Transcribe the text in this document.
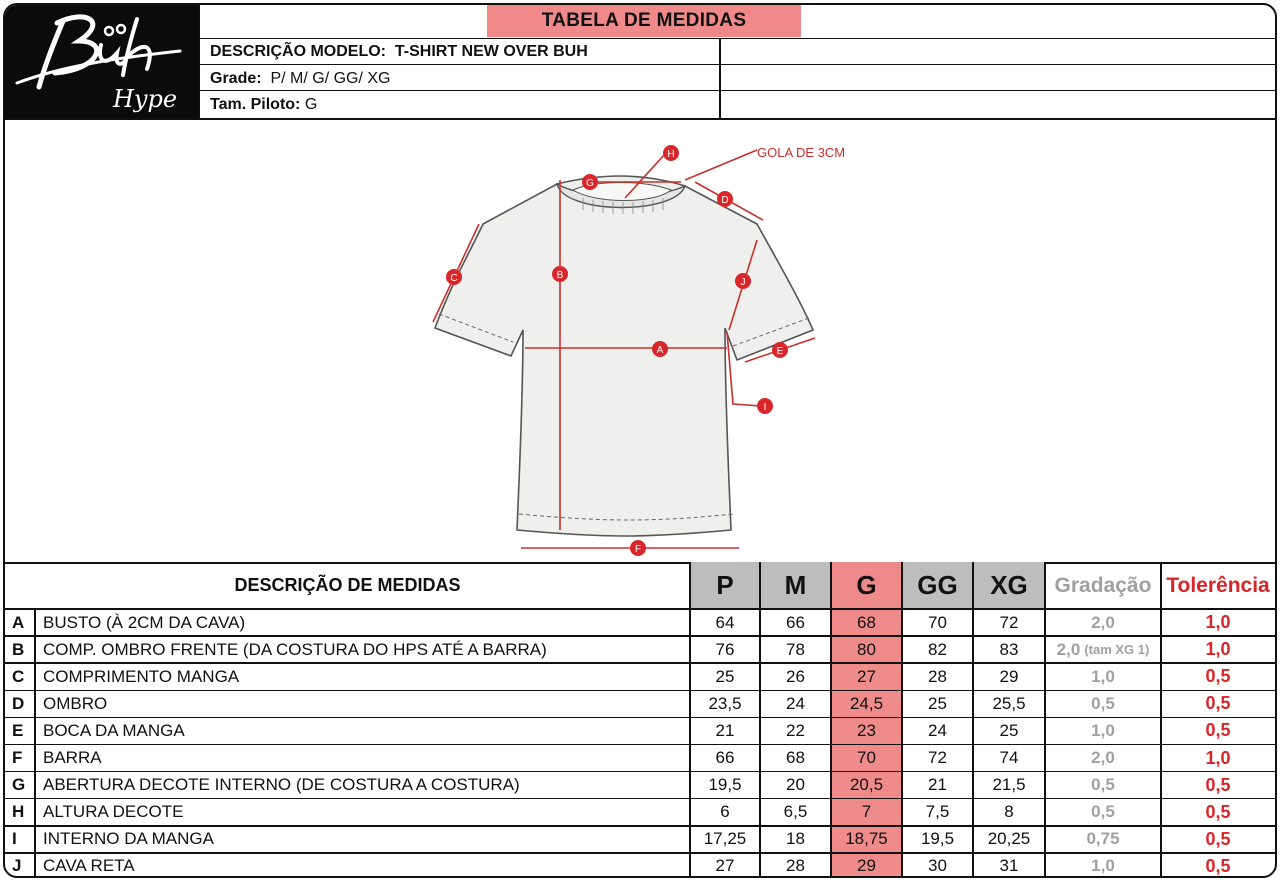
Hype
TABELA DE MEDIDAS
DESCRIÇÃO MODELO: T-SHIRT NEW OVER BUH
Grade: P/ M/ G/ GG/ XG
Tam. Piloto: G
A
B
C
D
E
F
G
H
I
J
GOLA DE 3CM
DESCRIÇÃO DE MEDIDAS	P	M	G	GG	XG	Gradação Tolerência
A	BUSTO (À 2CM DA CAVA)	64	66	68	70	72	2,0	1,0
B	COMP. OMBRO FRENTE (DA COSTURA DO HPS ATÉ A BARRA)	76	78	80	82	83	2,0 (tam XG 1)	1,0
C	COMPRIMENTO MANGA	25	26	27	28	29	1,0	0,5
D	OMBRO	23,5	24	24,5	25	25,5	0,5	0,5
E	BOCA DA MANGA	21	22	23	24	25	1,0	0,5
F	BARRA	66	68	70	72	74	2,0	1,0
G	ABERTURA DECOTE INTERNO (DE COSTURA A COSTURA)	19,5	20	20,5	21	21,5	0,5	0,5
H	ALTURA DECOTE	6	6,5	7	7,5	8	0,5	0,5
I	INTERNO DA MANGA	17,25	18	18,75	19,5	20,25	0,75	0,5
J	CAVA RETA	27	28	29	30	31	1,0	0,5
